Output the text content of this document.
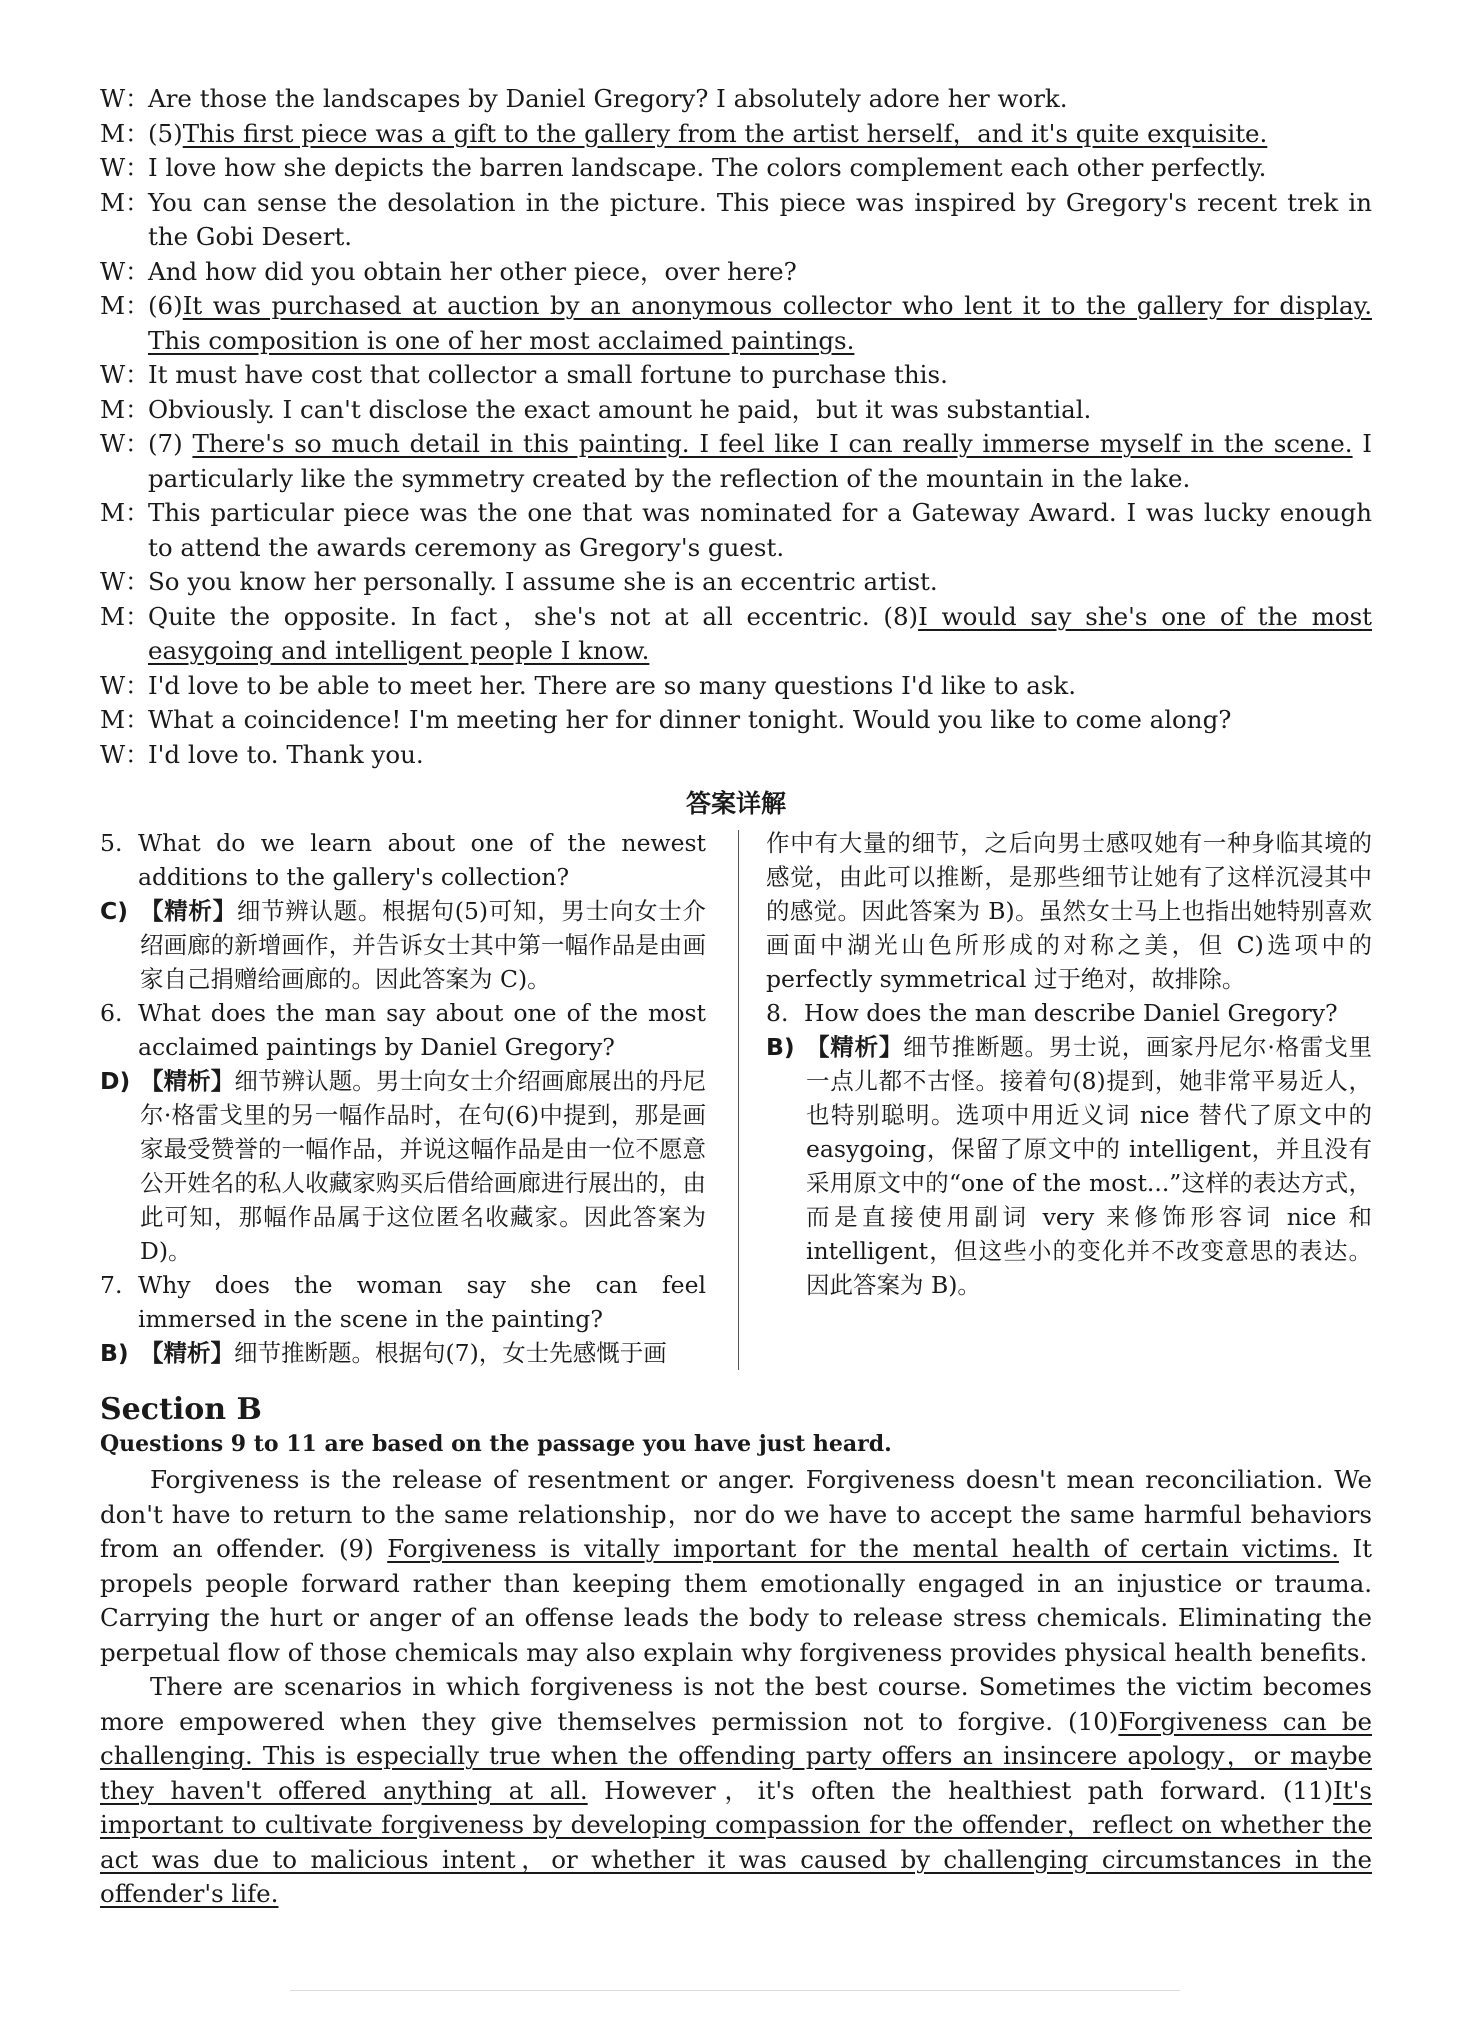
W：
Are those the landscapes by Daniel Gregory? I absolutely adore her work.
M：
(5)This first piece was a gift to the gallery from the artist herself，and it's quite exquisite.
W：
I love how she depicts the barren landscape. The colors complement each other perfectly.
M：
You can sense the desolation in the picture. This piece was inspired by Gregory's recent trek in the Gobi Desert.
W：
And how did you obtain her other piece，over here?
M：
(6)It was purchased at auction by an anonymous collector who lent it to the gallery for display. This composition is one of her most acclaimed paintings.
W：
It must have cost that collector a small fortune to purchase this.
M：
Obviously. I can't disclose the exact amount he paid，but it was substantial.
W：
(7) There's so much detail in this painting. I feel like I can really immerse myself in the scene. I particularly like the symmetry created by the reflection of the mountain in the lake.
M：
This particular piece was the one that was nominated for a Gateway Award. I was lucky enough to attend the awards ceremony as Gregory's guest.
W：
So you know her personally. I assume she is an eccentric artist.
M：
Quite the opposite. In fact，she's not at all eccentric. (8)I would say she's one of the most easygoing and intelligent people I know.
W：
I'd love to be able to meet her. There are so many questions I'd like to ask.
M：
What a coincidence! I'm meeting her for dinner tonight. Would you like to come along?
W：
I'd love to. Thank you.
答案详解
5. What do we learn about one of the newest additions to the gallery's collection?
C) 【精析】细节辨认题。根据句(5)可知，男士向女士介绍画廊的新增画作，并告诉女士其中第一幅作品是由画家自己捐赠给画廊的。因此答案为 C)。
6. What does the man say about one of the most acclaimed paintings by Daniel Gregory?
D) 【精析】细节辨认题。男士向女士介绍画廊展出的丹尼尔·格雷戈里的另一幅作品时，在句(6)中提到，那是画家最受赞誉的一幅作品，并说这幅作品是由一位不愿意公开姓名的私人收藏家购买后借给画廊进行展出的，由此可知，那幅作品属于这位匿名收藏家。因此答案为 D)。
7. Why does the woman say she can feel immersed in the scene in the painting?
B) 【精析】细节推断题。根据句(7)，女士先感慨于画
作中有大量的细节，之后向男士感叹她有一种身临其境的感觉，由此可以推断，是那些细节让她有了这样沉浸其中的感觉。因此答案为 B)。虽然女士马上也指出她特别喜欢画面中湖光山色所形成的对称之美，但 C)选项中的 perfectly symmetrical 过于绝对，故排除。
8. How does the man describe Daniel Gregory?
B) 【精析】细节推断题。男士说，画家丹尼尔·格雷戈里一点儿都不古怪。接着句(8)提到，她非常平易近人，也特别聪明。选项中用近义词 nice 替代了原文中的 easygoing，保留了原文中的 intelligent，并且没有采用原文中的“one of the most...”这样的表达方式，而是直接使用副词 very 来修饰形容词 nice 和 intelligent，但这些小的变化并不改变意思的表达。因此答案为 B)。
Section B
Questions 9 to 11 are based on the passage you have just heard.

Forgiveness is the release of resentment or anger. Forgiveness doesn't mean reconciliation. We don't have to return to the same relationship，nor do we have to accept the same harmful behaviors from an offender. (9) Forgiveness is vitally important for the mental health of certain victims. It propels people forward rather than keeping them emotionally engaged in an injustice or trauma. Carrying the hurt or anger of an offense leads the body to release stress chemicals. Eliminating the perpetual flow of those chemicals may also explain why forgiveness provides physical health benefits.

There are scenarios in which forgiveness is not the best course. Sometimes the victim becomes more empowered when they give themselves permission not to forgive. (10)Forgiveness can be challenging. This is especially true when the offending party offers an insincere apology，or maybe they haven't offered anything at all. However，it's often the healthiest path forward. (11)It's important to cultivate forgiveness by developing compassion for the offender，reflect on whether the act was due to malicious intent，or whether it was caused by challenging circumstances in the offender's life.
